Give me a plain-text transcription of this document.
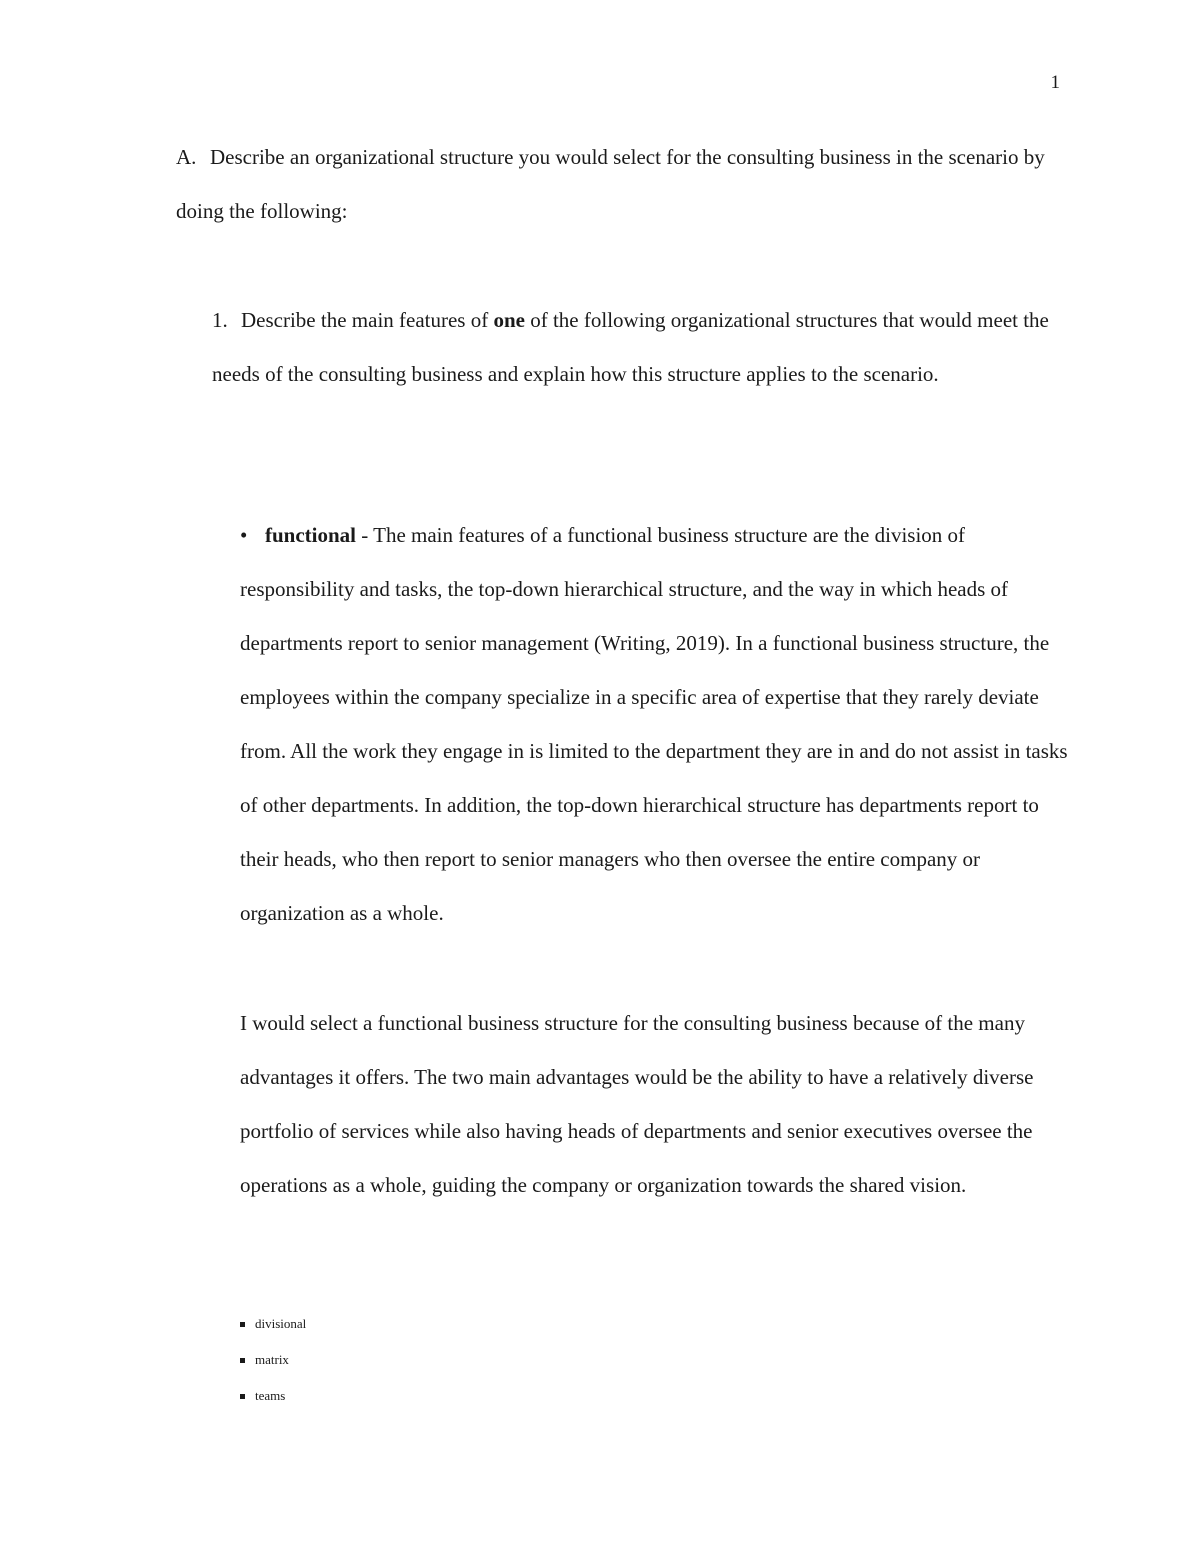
1

A. Describe an organizational structure you would select for the consulting business in the scenario by doing the following:

1. Describe the main features of one of the following organizational structures that would meet the needs of the consulting business and explain how this structure applies to the scenario.

• functional - The main features of a functional business structure are the division of responsibility and tasks, the top-down hierarchical structure, and the way in which heads of departments report to senior management (Writing, 2019). In a functional business structure, the employees within the company specialize in a specific area of expertise that they rarely deviate from. All the work they engage in is limited to the department they are in and do not assist in tasks of other departments. In addition, the top-down hierarchical structure has departments report to their heads, who then report to senior managers who then oversee the entire company or organization as a whole.

I would select a functional business structure for the consulting business because of the many advantages it offers. The two main advantages would be the ability to have a relatively diverse portfolio of services while also having heads of departments and senior executives oversee the operations as a whole, guiding the company or organization towards the shared vision.

divisional
matrix
teams
